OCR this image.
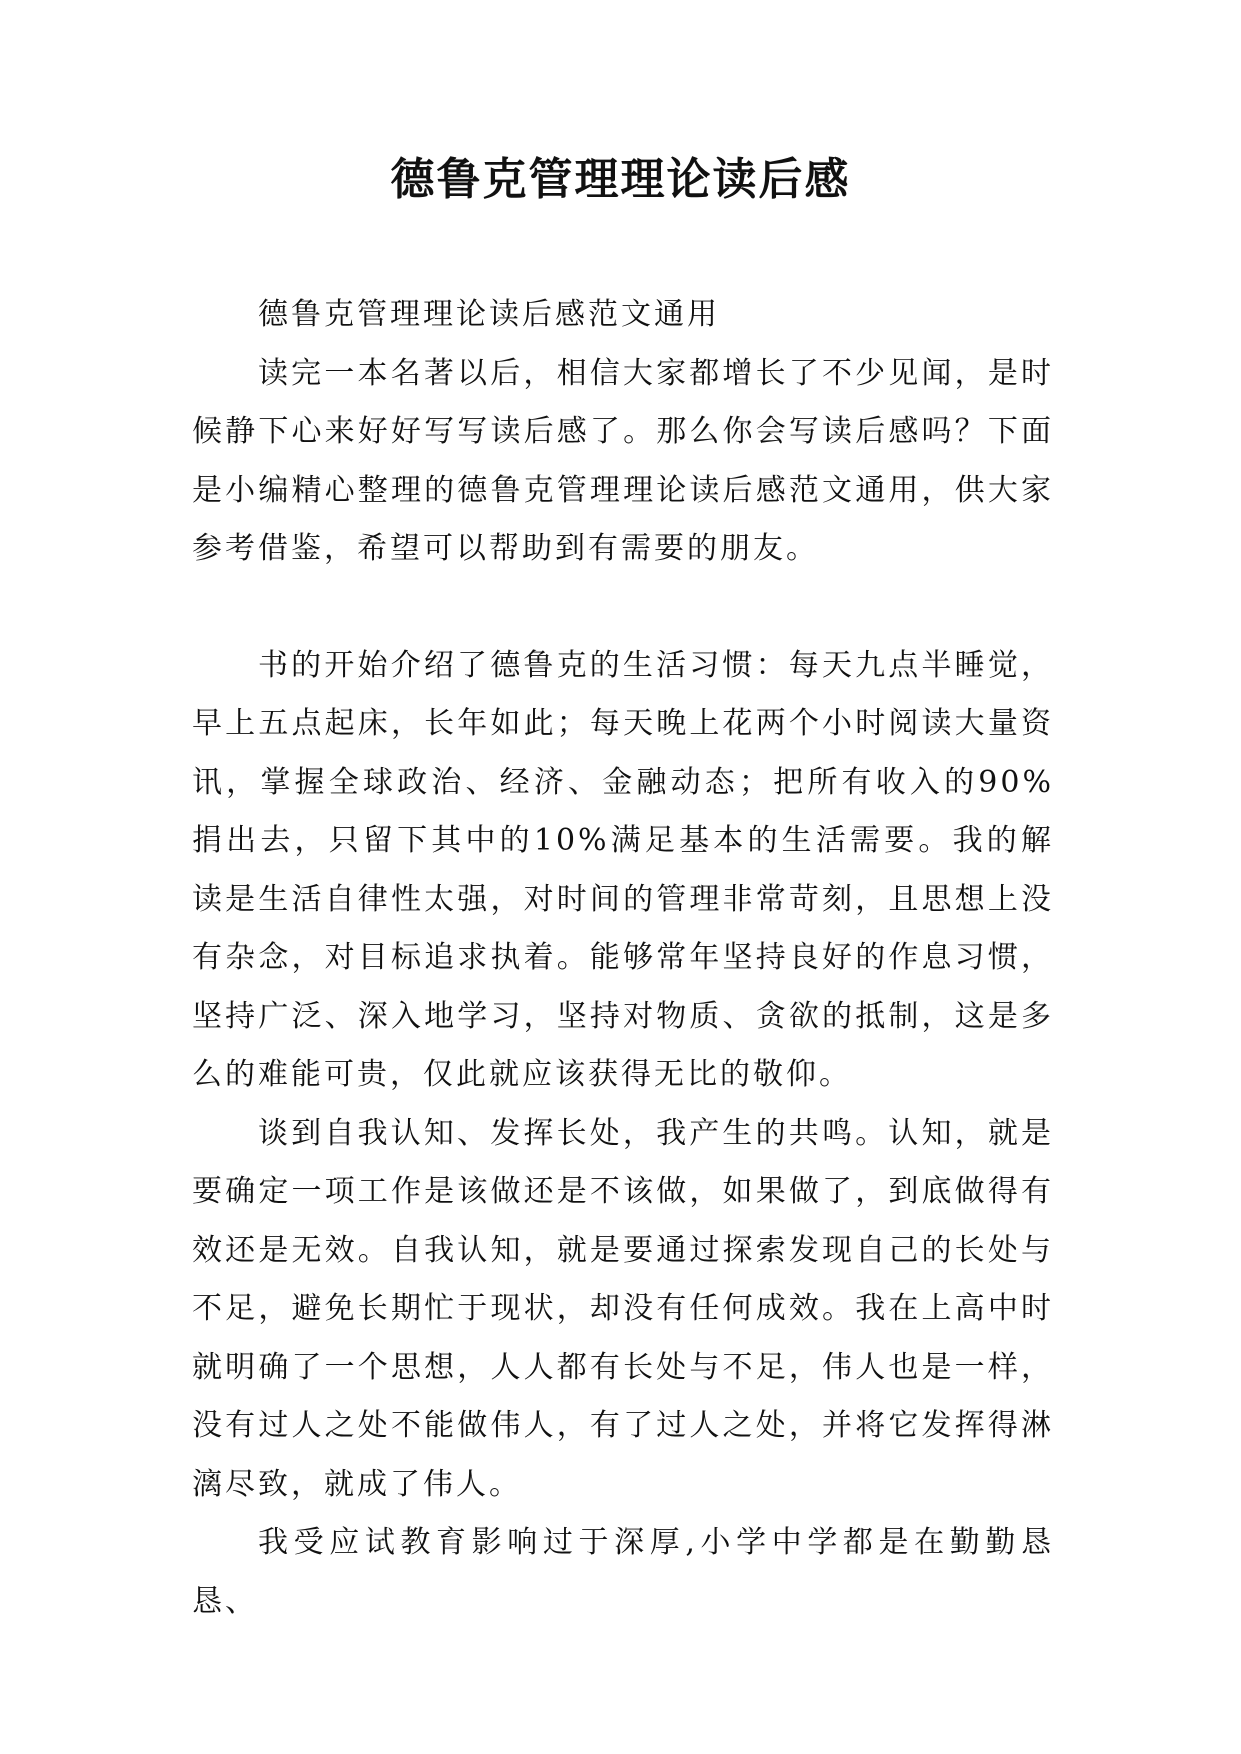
德鲁克管理理论读后感

德鲁克管理理论读后感范文通用

读完一本名著以后，相信大家都增长了不少见闻，是时候静下心来好好写写读后感了。那么你会写读后感吗？下面是小编精心整理的德鲁克管理理论读后感范文通用，供大家参考借鉴，希望可以帮助到有需要的朋友。

书的开始介绍了德鲁克的生活习惯：每天九点半睡觉，早上五点起床，长年如此；每天晚上花两个小时阅读大量资讯，掌握全球政治、经济、金融动态；把所有收入的90%捐出去，只留下其中的10%满足基本的生活需要。我的解读是生活自律性太强，对时间的管理非常苛刻，且思想上没有杂念，对目标追求执着。能够常年坚持良好的作息习惯，坚持广泛、深入地学习，坚持对物质、贪欲的抵制，这是多么的难能可贵，仅此就应该获得无比的敬仰。

谈到自我认知、发挥长处，我产生的共鸣。认知，就是要确定一项工作是该做还是不该做，如果做了，到底做得有效还是无效。自我认知，就是要通过探索发现自己的长处与不足，避免长期忙于现状，却没有任何成效。我在上高中时就明确了一个思想，人人都有长处与不足，伟人也是一样，没有过人之处不能做伟人，有了过人之处，并将它发挥得淋漓尽致，就成了伟人。

我受应试教育影响过于深厚,小学中学都是在勤勤恳恳、
